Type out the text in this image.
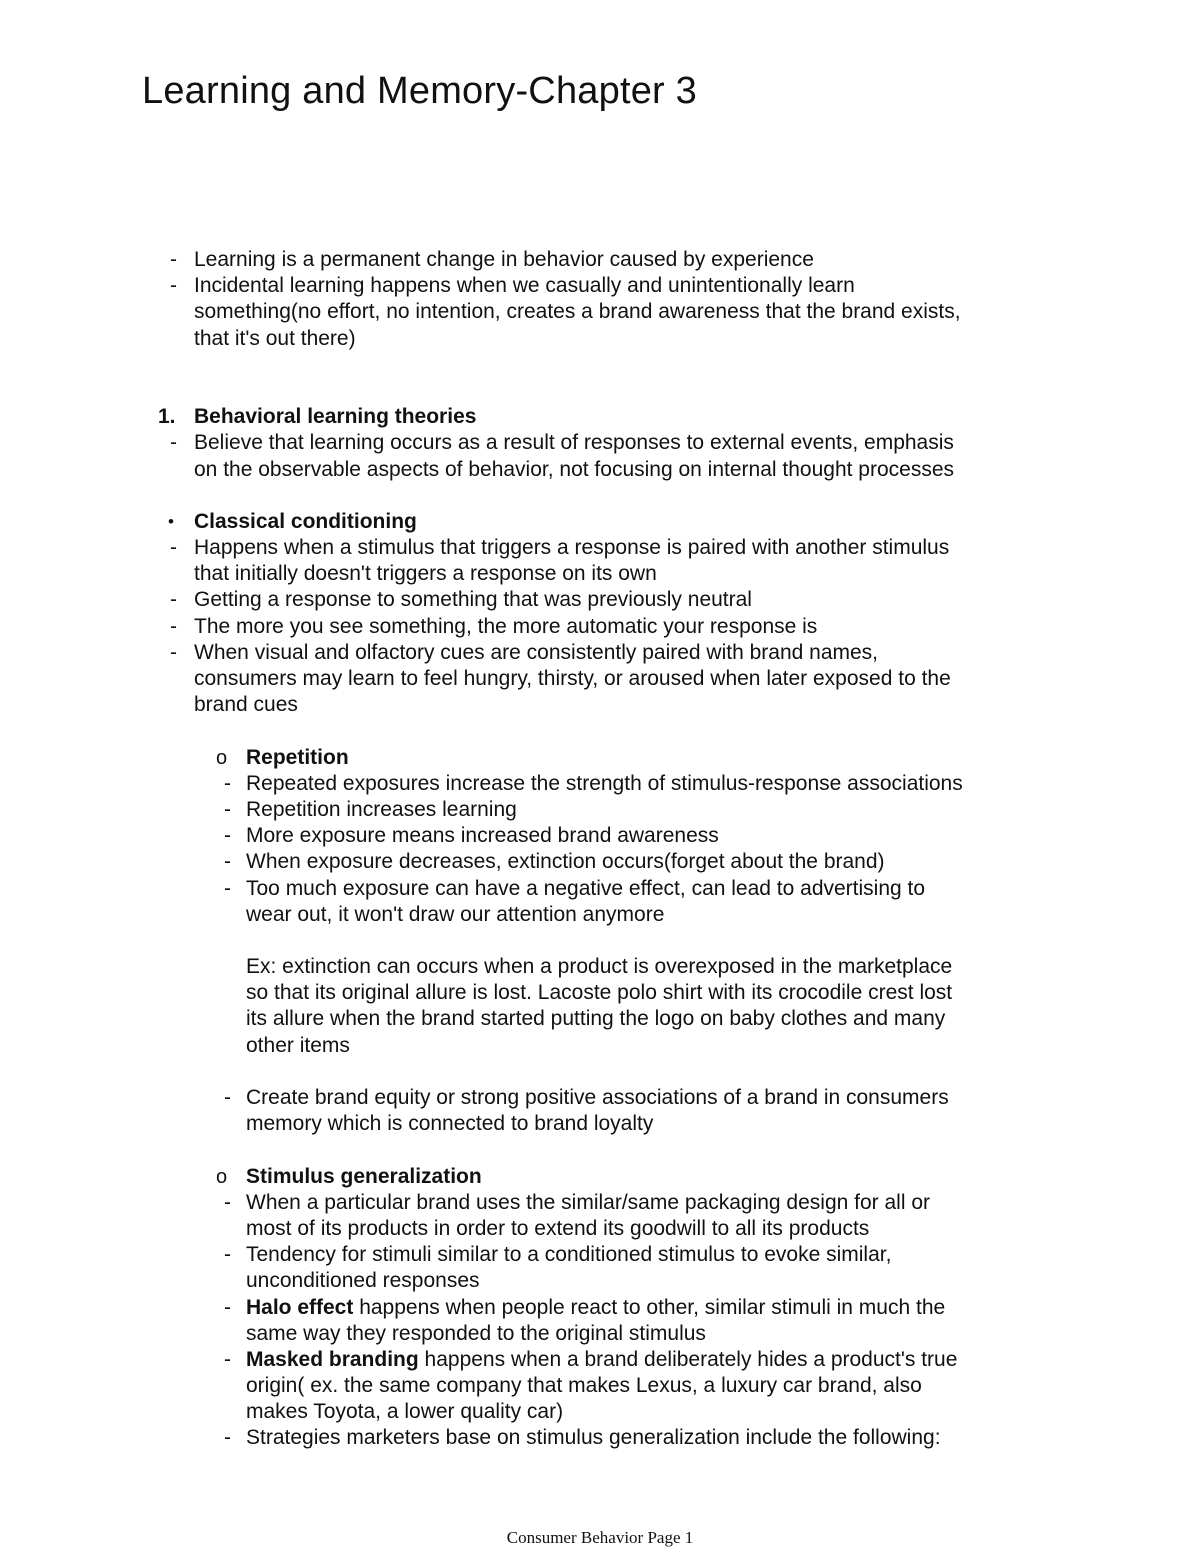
Learning and Memory-Chapter 3
- Learning is a permanent change in behavior caused by experience
- Incidental learning happens when we casually and unintentionally learn
something(no effort, no intention, creates a brand awareness that the brand exists,
that it's out there)
1. Behavioral learning theories
- Believe that learning occurs as a result of responses to external events, emphasis
on the observable aspects of behavior, not focusing on internal thought processes
• Classical conditioning
- Happens when a stimulus that triggers a response is paired with another stimulus
that initially doesn't triggers a response on its own
- Getting a response to something that was previously neutral
- The more you see something, the more automatic your response is
- When visual and olfactory cues are consistently paired with brand names,
consumers may learn to feel hungry, thirsty, or aroused when later exposed to the
brand cues
o Repetition
- Repeated exposures increase the strength of stimulus-response associations
- Repetition increases learning
- More exposure means increased brand awareness
- When exposure decreases, extinction occurs(forget about the brand)
- Too much exposure can have a negative effect, can lead to advertising to
wear out, it won't draw our attention anymore
Ex: extinction can occurs when a product is overexposed in the marketplace
so that its original allure is lost. Lacoste polo shirt with its crocodile crest lost
its allure when the brand started putting the logo on baby clothes and many
other items
- Create brand equity or strong positive associations of a brand in consumers
memory which is connected to brand loyalty
o Stimulus generalization
- When a particular brand uses the similar/same packaging design for all or
most of its products in order to extend its goodwill to all its products
- Tendency for stimuli similar to a conditioned stimulus to evoke similar,
unconditioned responses
- Halo effect happens when people react to other, similar stimuli in much the
same way they responded to the original stimulus
- Masked branding happens when a brand deliberately hides a product's true
origin( ex. the same company that makes Lexus, a luxury car brand, also
makes Toyota, a lower quality car)
- Strategies marketers base on stimulus generalization include the following:
Consumer Behavior Page 1
